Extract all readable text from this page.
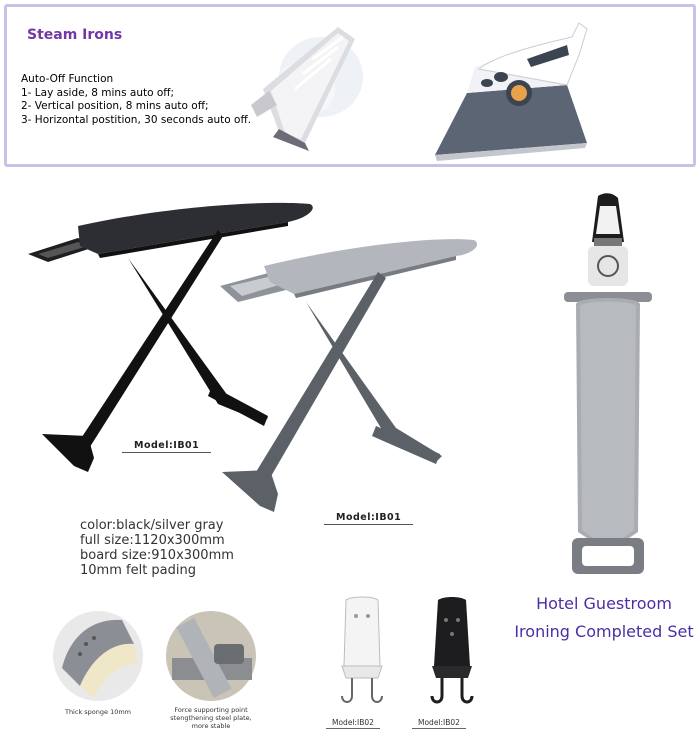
Steam Irons
Auto-Off Function
1- Lay aside, 8 mins auto off;
2- Vertical position, 8 mins auto off;
3- Horizontal postition, 30 seconds auto off.
Model:IB01
Model:IB01
color:black/silver gray
full size:1120x300mm
board size:910x300mm
10mm felt pading
Hotel Guestroom
Ironing Completed Set
Thick sponge 10mm	Force supporting point
stengthening steel plate,
more stable	Model:IB02	Model:IB02
